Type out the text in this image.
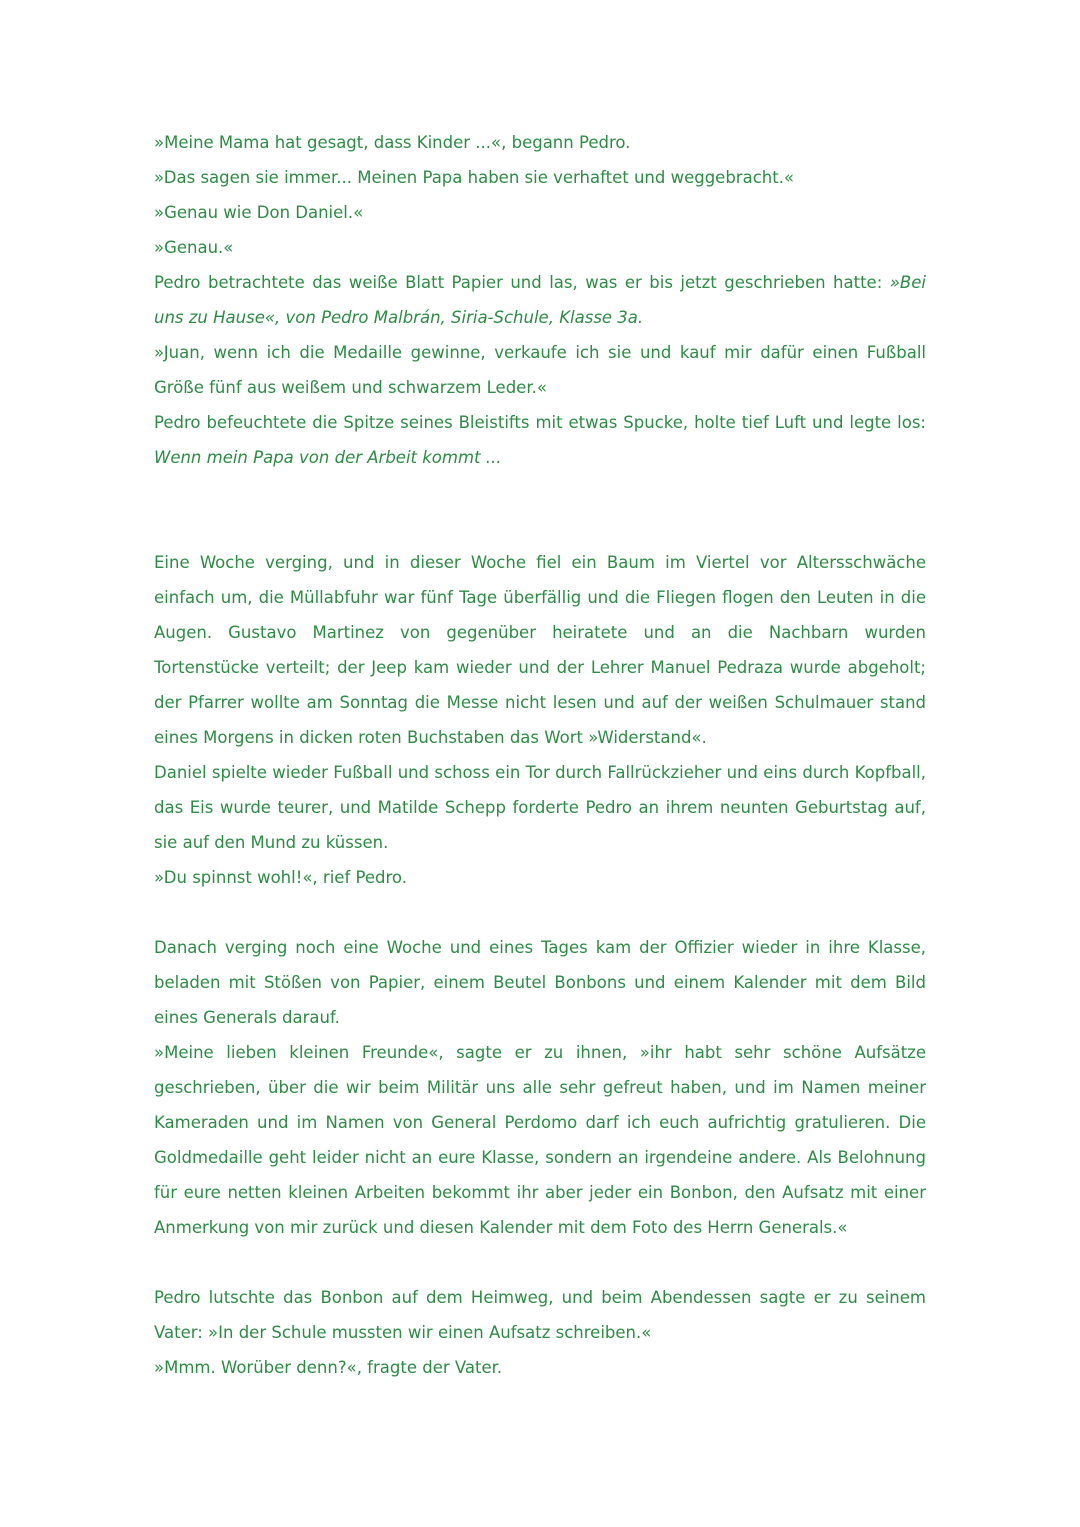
»Meine Mama hat gesagt, dass Kinder ...«, begann Pedro.

»Das sagen sie immer... Meinen Papa haben sie verhaftet und weggebracht.«

»Genau wie Don Daniel.«

»Genau.«

Pedro betrachtete das weiße Blatt Papier und las, was er bis jetzt geschrieben hatte: »Bei uns zu Hause«, von Pedro Malbrán, Siria-Schule, Klasse 3a.

»Juan, wenn ich die Medaille gewinne, verkaufe ich sie und kauf mir dafür einen Fußball Größe fünf aus weißem und schwarzem Leder.«

Pedro befeuchtete die Spitze seines Bleistifts mit etwas Spucke, holte tief Luft und legte los: Wenn mein Papa von der Arbeit kommt ...

Eine Woche verging, und in dieser Woche fiel ein Baum im Viertel vor Altersschwäche einfach um, die Müllabfuhr war fünf Tage überfällig und die Fliegen flogen den Leuten in die Augen. Gustavo Martinez von gegenüber heiratete und an die Nachbarn wurden Tortenstücke verteilt; der Jeep kam wieder und der Lehrer Manuel Pedraza wurde abgeholt; der Pfarrer wollte am Sonntag die Messe nicht lesen und auf der weißen Schulmauer stand eines Morgens in dicken roten Buchstaben das Wort »Widerstand«.

Daniel spielte wieder Fußball und schoss ein Tor durch Fallrückzieher und eins durch Kopfball, das Eis wurde teurer, und Matilde Schepp forderte Pedro an ihrem neunten Geburtstag auf, sie auf den Mund zu küssen.

»Du spinnst wohl!«, rief Pedro.

Danach verging noch eine Woche und eines Tages kam der Offizier wieder in ihre Klasse, beladen mit Stößen von Papier, einem Beutel Bonbons und einem Kalender mit dem Bild eines Generals darauf.

»Meine lieben kleinen Freunde«, sagte er zu ihnen, »ihr habt sehr schöne Aufsätze geschrieben, über die wir beim Militär uns alle sehr gefreut haben, und im Namen meiner Kameraden und im Namen von General Perdomo darf ich euch aufrichtig gratulieren. Die Goldmedaille geht leider nicht an eure Klasse, sondern an irgendeine andere. Als Belohnung für eure netten kleinen Arbeiten bekommt ihr aber jeder ein Bonbon, den Aufsatz mit einer Anmerkung von mir zurück und diesen Kalender mit dem Foto des Herrn Generals.«

Pedro lutschte das Bonbon auf dem Heimweg, und beim Abendessen sagte er zu seinem Vater: »In der Schule mussten wir einen Aufsatz schreiben.«

»Mmm. Worüber denn?«, fragte der Vater.
